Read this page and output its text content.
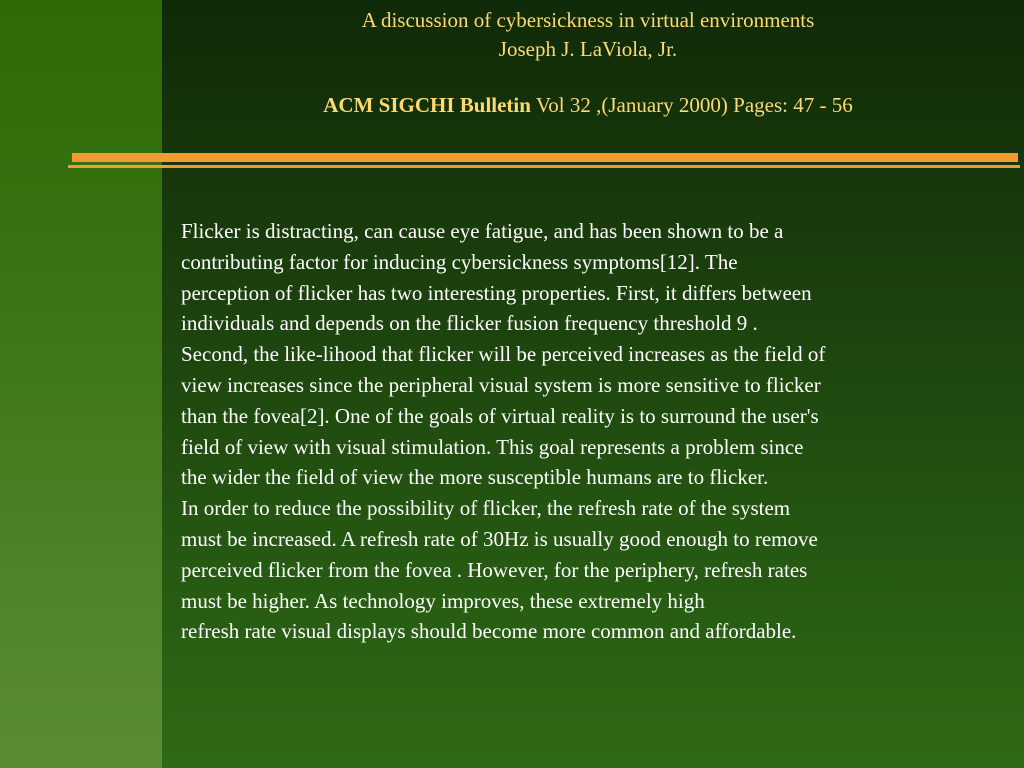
A discussion of cybersickness in virtual environments
Joseph J. LaViola, Jr.
ACM SIGCHI Bulletin Vol 32 ,(January 2000) Pages: 47 - 56

Flicker is distracting, can cause eye fatigue, and has been shown to be a

contributing factor for inducing cybersickness symptoms[12]. The

perception of flicker has two interesting properties. First, it differs between

individuals and depends on the flicker fusion frequency threshold 9 .

Second, the like-lihood that flicker will be perceived increases as the field of

view increases since the peripheral visual system is more sensitive to flicker

than the fovea[2]. One of the goals of virtual reality is to surround the user's

field of view with visual stimulation. This goal represents a problem since

the wider the field of view the more susceptible humans are to flicker.

In order to reduce the possibility of flicker, the refresh rate of the system

must be increased. A refresh rate of 30Hz is usually good enough to remove

perceived flicker from the fovea . However, for the periphery, refresh rates

must be higher. As technology improves, these extremely high

refresh rate visual displays should become more common and affordable.
